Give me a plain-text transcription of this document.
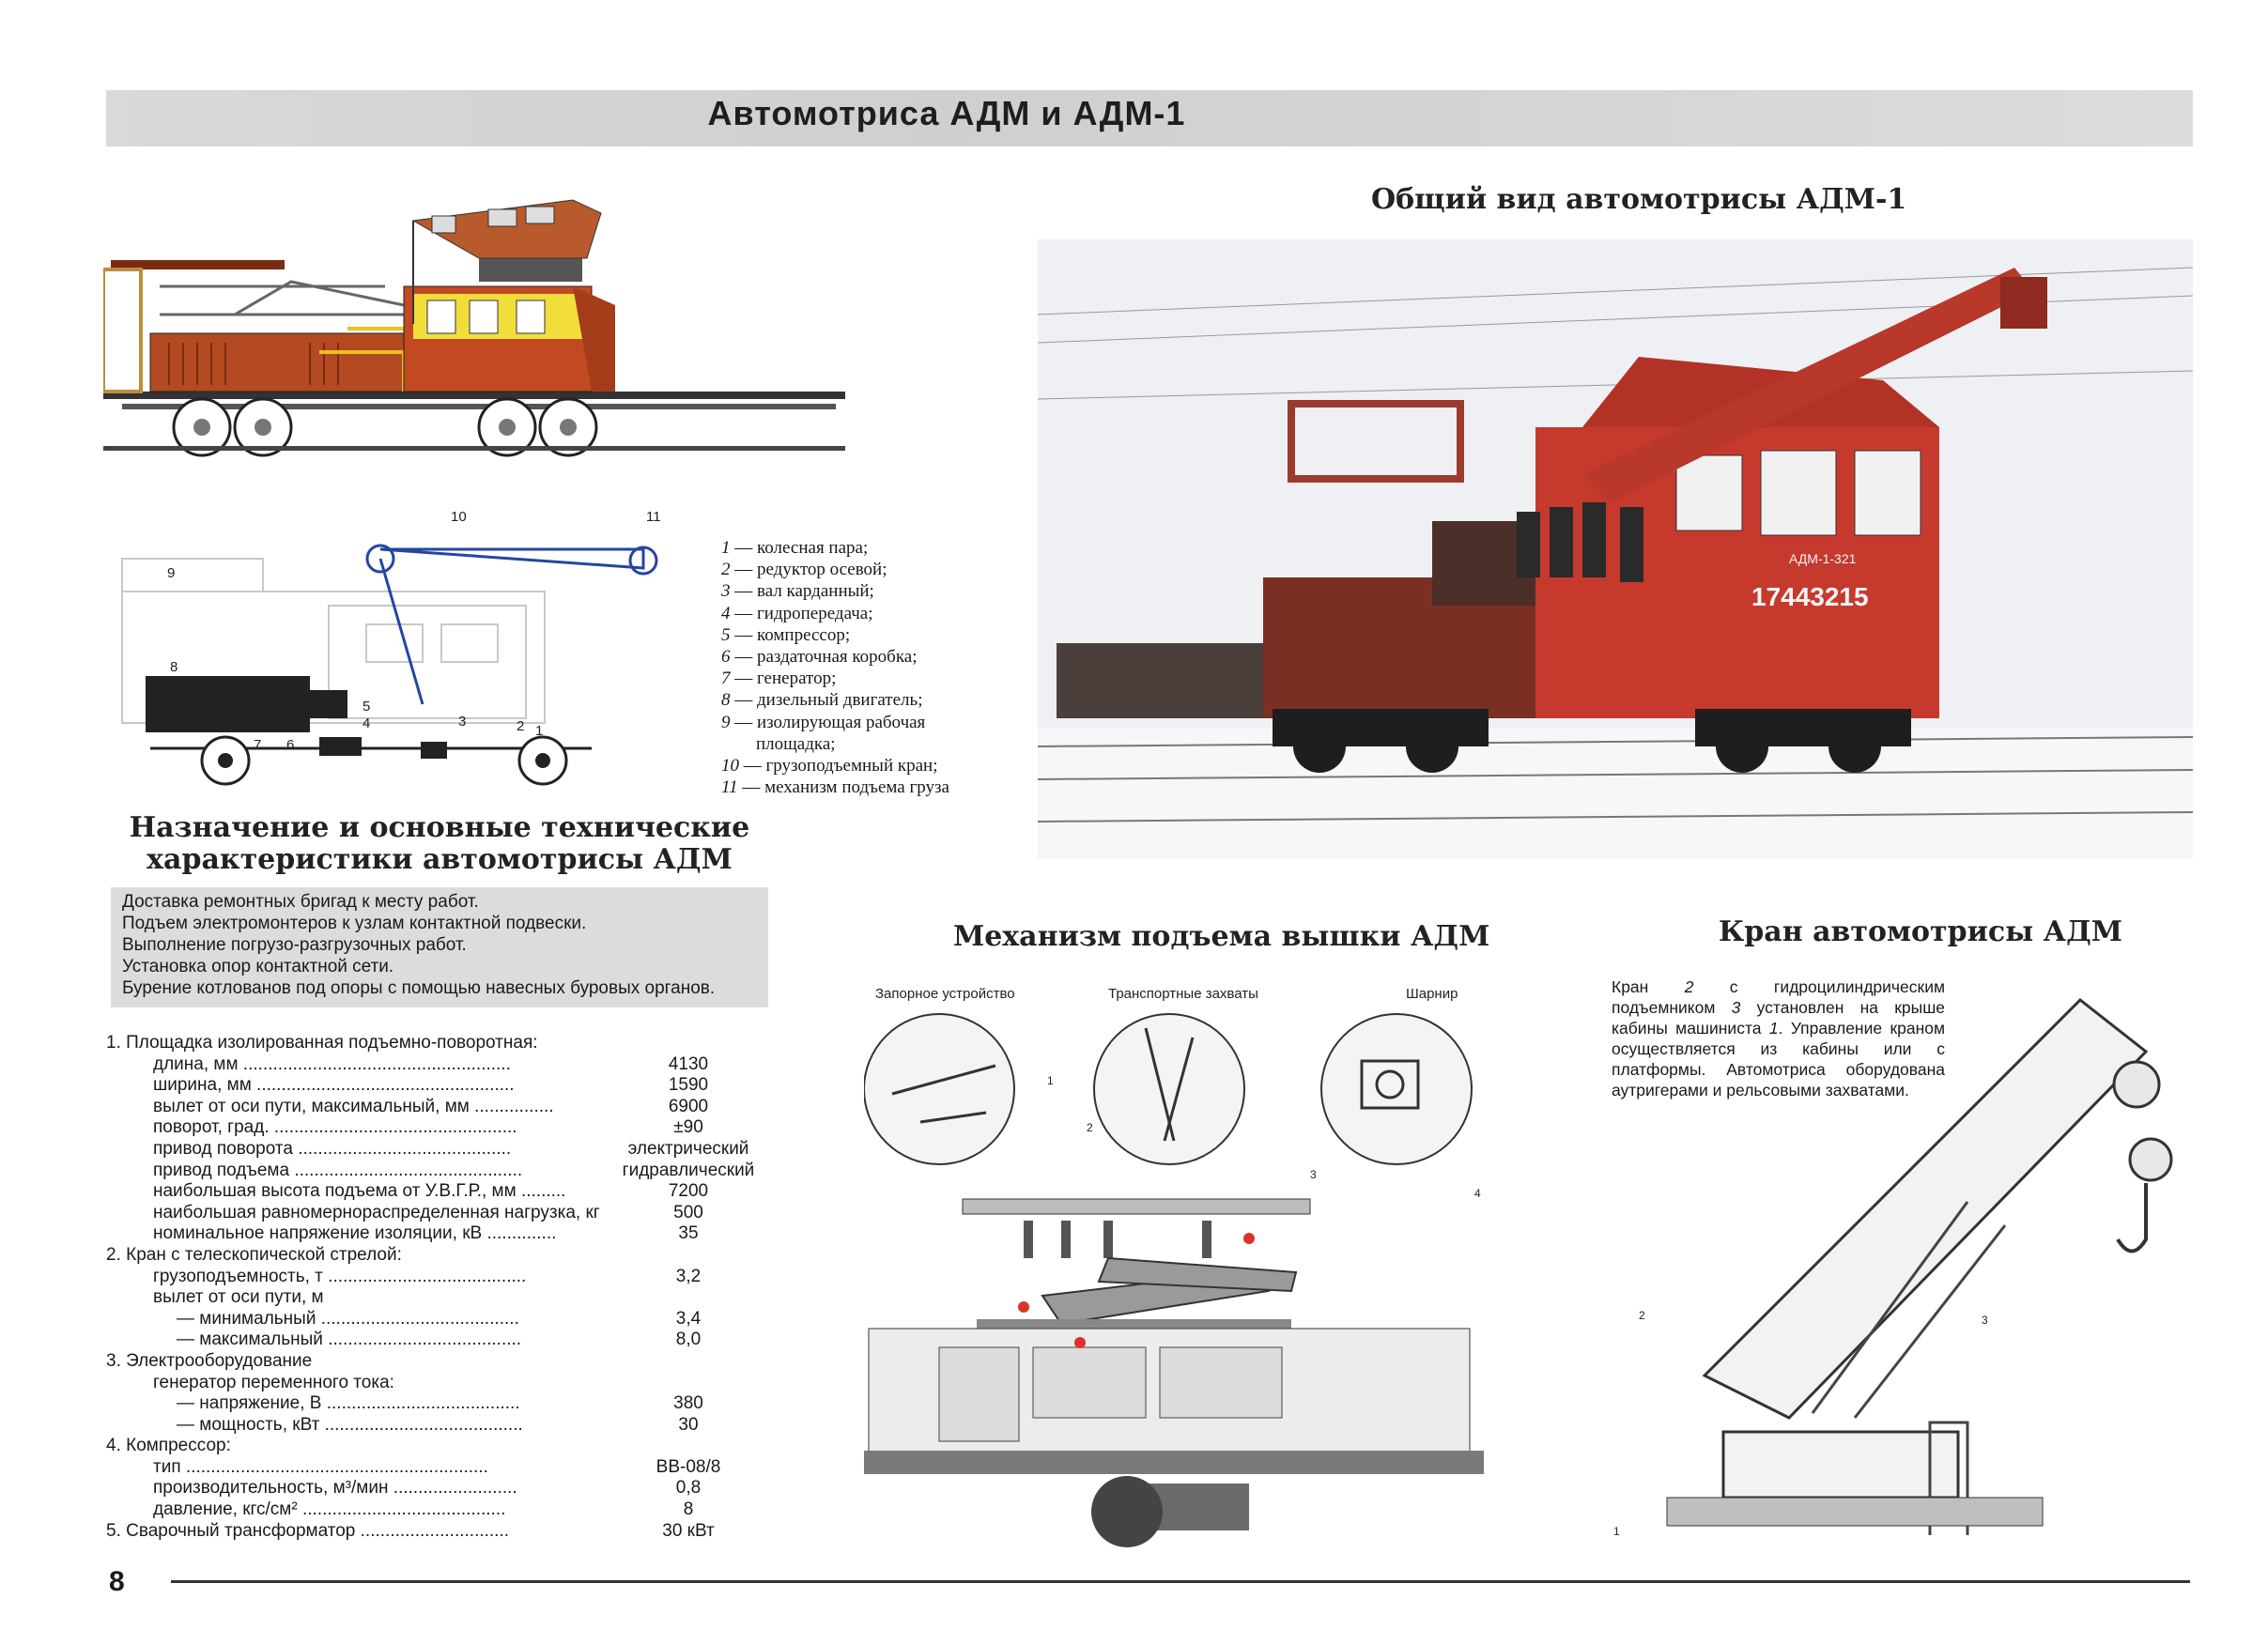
Автомотриса АДМ и АДМ-1
1
2
3
4
5
6
7
8
9
10	11
1 — колесная пара;
2 — редуктор осевой;
3 — вал карданный;
4 — гидропередача;
5 — компрессор;
6 — раздаточная коробка;
7 — генератор;
8 — дизельный двигатель;
9 — изолирующая рабочая
площадка;
10 — грузоподъемный кран;
11 — механизм подъема груза
Общий вид автомотрисы АДМ-1
17443215
АДМ-1-321
Назначение и основные технические
характеристики автомотрисы АДМ
Доставка ремонтных бригад к месту работ.
Подъем электромонтеров к узлам контактной подвески.
Выполнение погрузо-разгрузочных работ.
Установка опор контактной сети.
Бурение котлованов под опоры с помощью навесных буровых органов.
1. Площадка изолированная подъемно-поворотная:
длина, мм ......................................................	4130
ширина, мм ....................................................	1590
вылет от оси пути, максимальный, мм ................	6900
поворот, град. .................................................	±90
привод поворота ...........................................	электрический
привод подъема ..............................................	гидравлический
наибольшая высота подъема от У.В.Г.Р., мм .........	7200
наибольшая равномернораспределенная нагрузка, кг	500
номинальное напряжение изоляции, кВ ..............	35
2. Кран с телескопической стрелой:
грузоподъемность, т ........................................	3,2
вылет от оси пути, м
— минимальный ........................................	3,4
— максимальный .......................................	8,0
3. Электрооборудование
генератор переменного тока:
— напряжение, В .......................................	380
— мощность, кВт ........................................	30
4. Компрессор:
тип .............................................................	ВВ-08/8
производительность, м³/мин .........................	0,8
давление, кгс/см² .........................................	8
5. Сварочный трансформатор ..............................	30 кВт
Механизм подъема вышки АДМ
Запорное устройство	Транспортные захваты	Шарнир
1
2
3
4
Кран автомотрисы АДМ
Кран 2 с гидроцилиндрическим подъемником 3 установлен на крыше кабины машиниста 1. Управление краном осуществляется из кабины или с платформы. Автомотриса оборудована аутригерами и рельсовыми захватами.
1
2	3
8
